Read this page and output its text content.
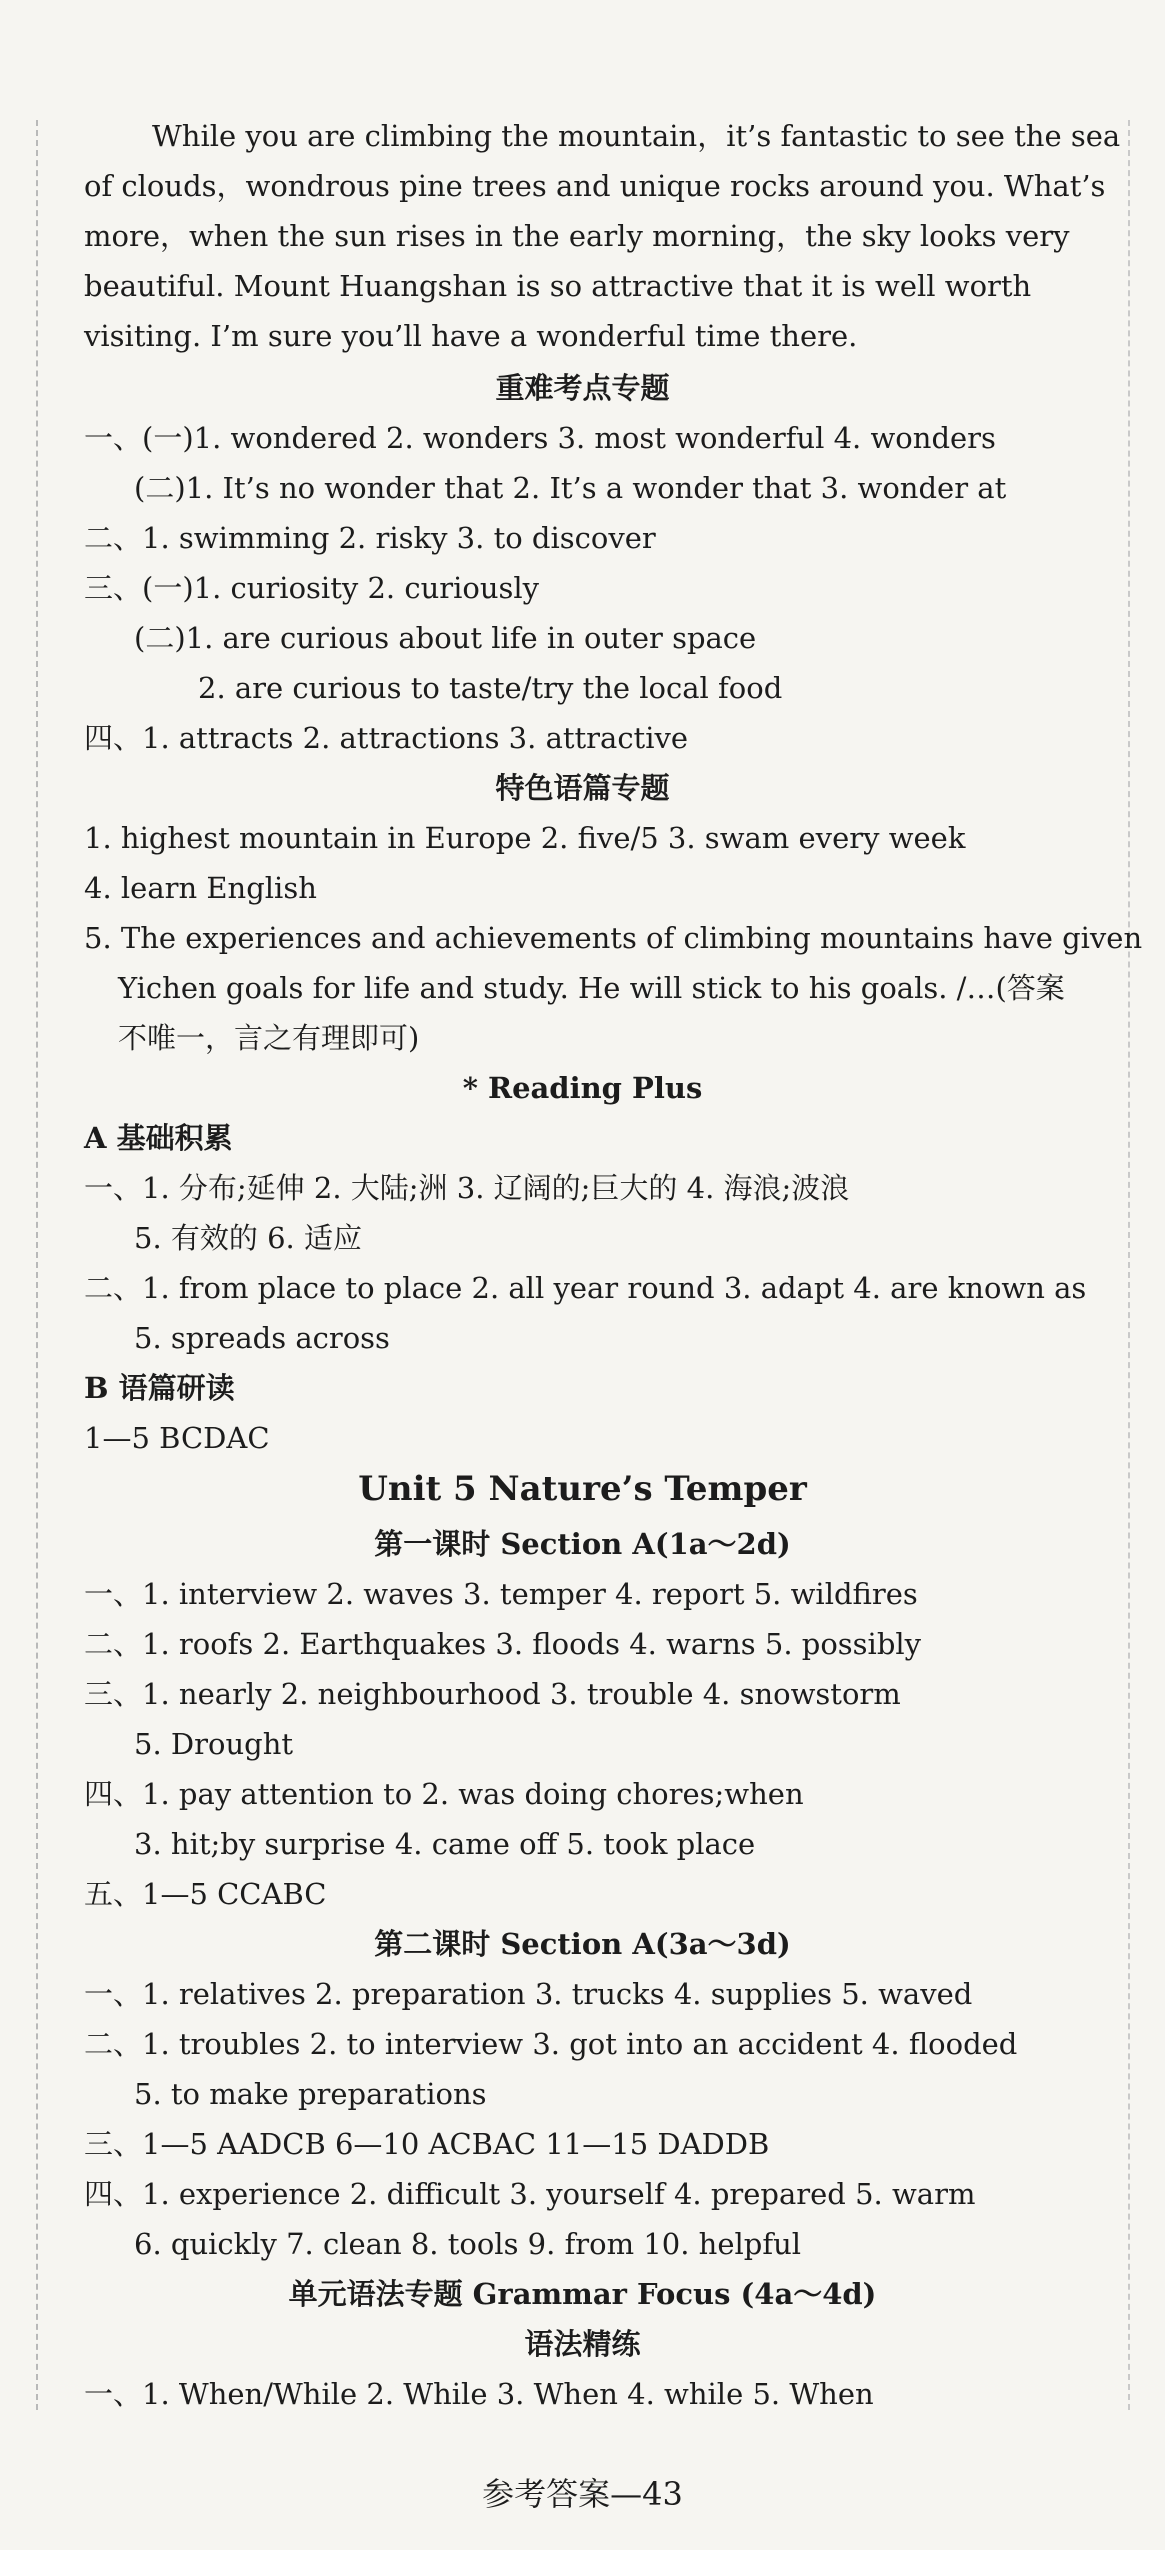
While you are climbing the mountain，it’s fantastic to see the sea
of clouds，wondrous pine trees and unique rocks around you. What’s
more，when the sun rises in the early morning，the sky looks very
beautiful. Mount Huangshan is so attractive that it is well worth
visiting. I’m sure you’ll have a wonderful time there.
重难考点专题
一、(一)1. wondered 2. wonders 3. most wonderful 4. wonders
(二)1. It’s no wonder that 2. It’s a wonder that 3. wonder at
二、1. swimming 2. risky 3. to discover
三、(一)1. curiosity 2. curiously
(二)1. are curious about life in outer space
2. are curious to taste/try the local food
四、1. attracts 2. attractions 3. attractive
特色语篇专题
1. highest mountain in Europe 2. five/5 3. swam every week
4. learn English
5. The experiences and achievements of climbing mountains have given
Yichen goals for life and study. He will stick to his goals. /…(答案
不唯一，言之有理即可)
* Reading Plus
A 基础积累
一、1. 分布;延伸 2. 大陆;洲 3. 辽阔的;巨大的 4. 海浪;波浪
5. 有效的 6. 适应
二、1. from place to place 2. all year round 3. adapt 4. are known as
5. spreads across
B 语篇研读
1—5 BCDAC
Unit 5 Nature’s Temper
第一课时 Section A(1a～2d)
一、1. interview 2. waves 3. temper 4. report 5. wildfires
二、1. roofs 2. Earthquakes 3. floods 4. warns 5. possibly
三、1. nearly 2. neighbourhood 3. trouble 4. snowstorm
5. Drought
四、1. pay attention to 2. was doing chores;when
3. hit;by surprise 4. came off 5. took place
五、1—5 CCABC
第二课时 Section A(3a～3d)
一、1. relatives 2. preparation 3. trucks 4. supplies 5. waved
二、1. troubles 2. to interview 3. got into an accident 4. flooded
5. to make preparations
三、1—5 AADCB 6—10 ACBAC 11—15 DADDB
四、1. experience 2. difficult 3. yourself 4. prepared 5. warm
6. quickly 7. clean 8. tools 9. from 10. helpful
单元语法专题 Grammar Focus (4a～4d)
语法精练
一、1. When/While 2. While 3. When 4. while 5. When
参考答案—43
